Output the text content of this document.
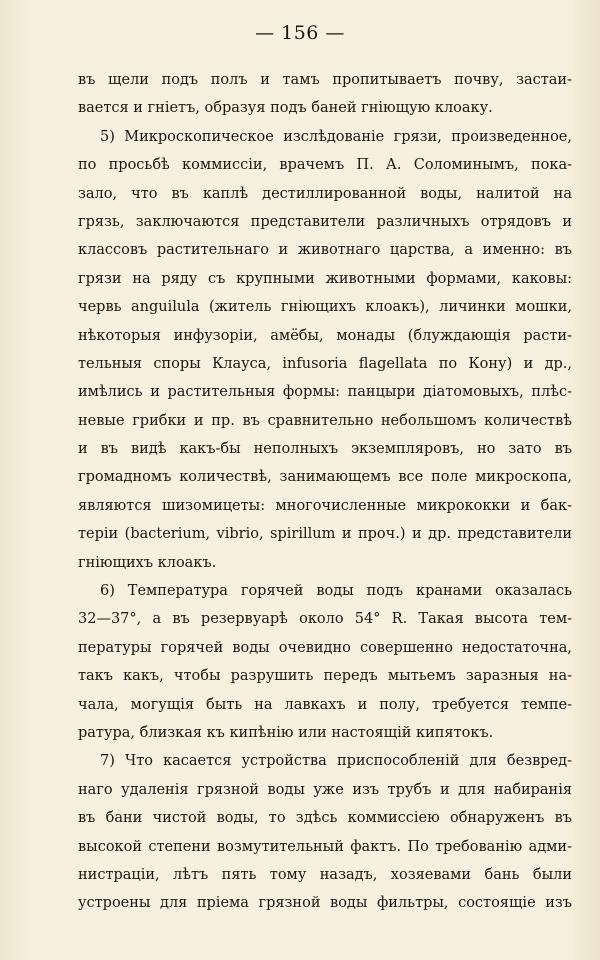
— 156 —
въ щели подъ полъ и тамъ пропитываетъ почву, застаи-
вается и гніетъ, образуя подъ баней гніющую клоаку.
5) Микроскопическое изслѣдованіе грязи, произведенное,
по просьбѣ коммиссіи, врачемъ П. А. Соломинымъ, пока-
зало, что въ каплѣ дестиллированной воды, налитой на
грязь, заключаются представители различныхъ отрядовъ и
классовъ растительнаго и животнаго царства, а именно: въ
грязи на ряду съ крупными животными формами, каковы:
червь anguilula (житель гніющихъ клоакъ), личинки мошки,
нѣкоторыя инфузоріи, амёбы, монады (блуждающія расти-
тельныя споры Клауса, infusoria flagellata по Кону) и др.,
имѣлись и растительныя формы: панцыри діатомовыхъ, плѣс-
невые грибки и пр. въ сравнительно небольшомъ количествѣ
и въ видѣ какъ-бы неполныхъ экземпляровъ, но зато въ
громадномъ количествѣ, занимающемъ все поле микроскопа,
являются шизомицеты: многочисленные микрококки и бак-
теріи (bacterium, vibrio, spirillum и проч.) и др. представители
гніющихъ клоакъ.
6) Температура горячей воды подъ кранами оказалась
32—37°, а въ резервуарѣ около 54° R. Такая высота тем-
пературы горячей воды очевидно совершенно недостаточна,
такъ какъ, чтобы разрушить передъ мытьемъ заразныя на-
чала, могущія быть на лавкахъ и полу, требуется темпе-
ратура, близкая къ кипѣнію или настоящій кипятокъ.
7) Что касается устройства приспособленій для безвред-
наго удаленія грязной воды уже изъ трубъ и для набиранія
въ бани чистой воды, то здѣсь коммиссіею обнаруженъ въ
высокой степени возмутительный фактъ. По требованію адми-
нистраціи, лѣтъ пять тому назадъ, хозяевами бань были
устроены для пріема грязной воды фильтры, состоящіе изъ
